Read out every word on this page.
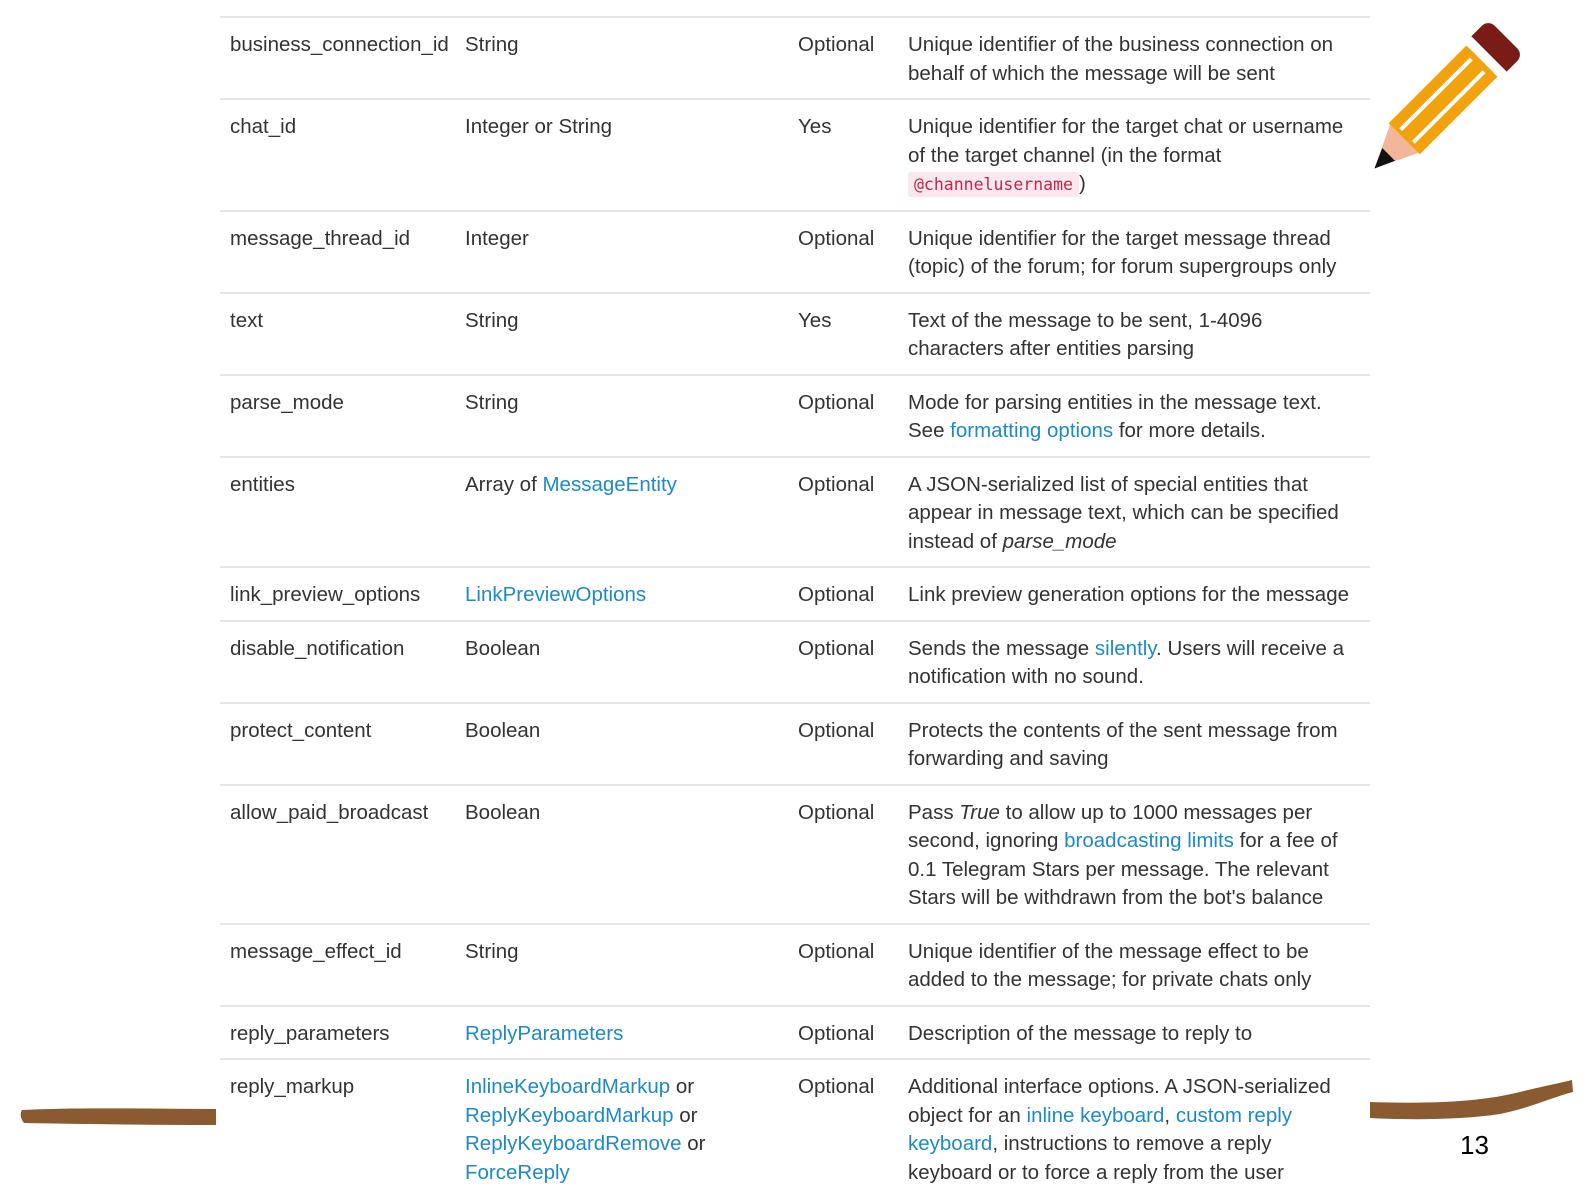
business_connection_id	String	Optional	Unique identifier of the business connection on behalf of which the message will be sent
chat_id	Integer or String	Yes	Unique identifier for the target chat or username of the target channel (in the format @channelusername )
message_thread_id	Integer	Optional	Unique identifier for the target message thread (topic) of the forum; for forum supergroups only
text	String	Yes	Text of the message to be sent, 1-4096 characters after entities parsing
parse_mode	String	Optional	Mode for parsing entities in the message text. See formatting options for more details.
entities	Array of MessageEntity	Optional	A JSON-serialized list of special entities that appear in message text, which can be specified instead of parse_mode
link_preview_options	LinkPreviewOptions	Optional	Link preview generation options for the message
disable_notification	Boolean	Optional	Sends the message silently. Users will receive a notification with no sound.
protect_content	Boolean	Optional	Protects the contents of the sent message from forwarding and saving
allow_paid_broadcast	Boolean	Optional	Pass True to allow up to 1000 messages per second, ignoring broadcasting limits for a fee of 0.1 Telegram Stars per message. The relevant Stars will be withdrawn from the bot's balance
message_effect_id	String	Optional	Unique identifier of the message effect to be added to the message; for private chats only
reply_parameters	ReplyParameters	Optional	Description of the message to reply to
reply_markup	InlineKeyboardMarkup or
ReplyKeyboardMarkup or
ReplyKeyboardRemove or
ForceReply	Optional	Additional interface options. A JSON-serialized object for an inline keyboard, custom reply keyboard, instructions to remove a reply keyboard or to force a reply from the user
13
